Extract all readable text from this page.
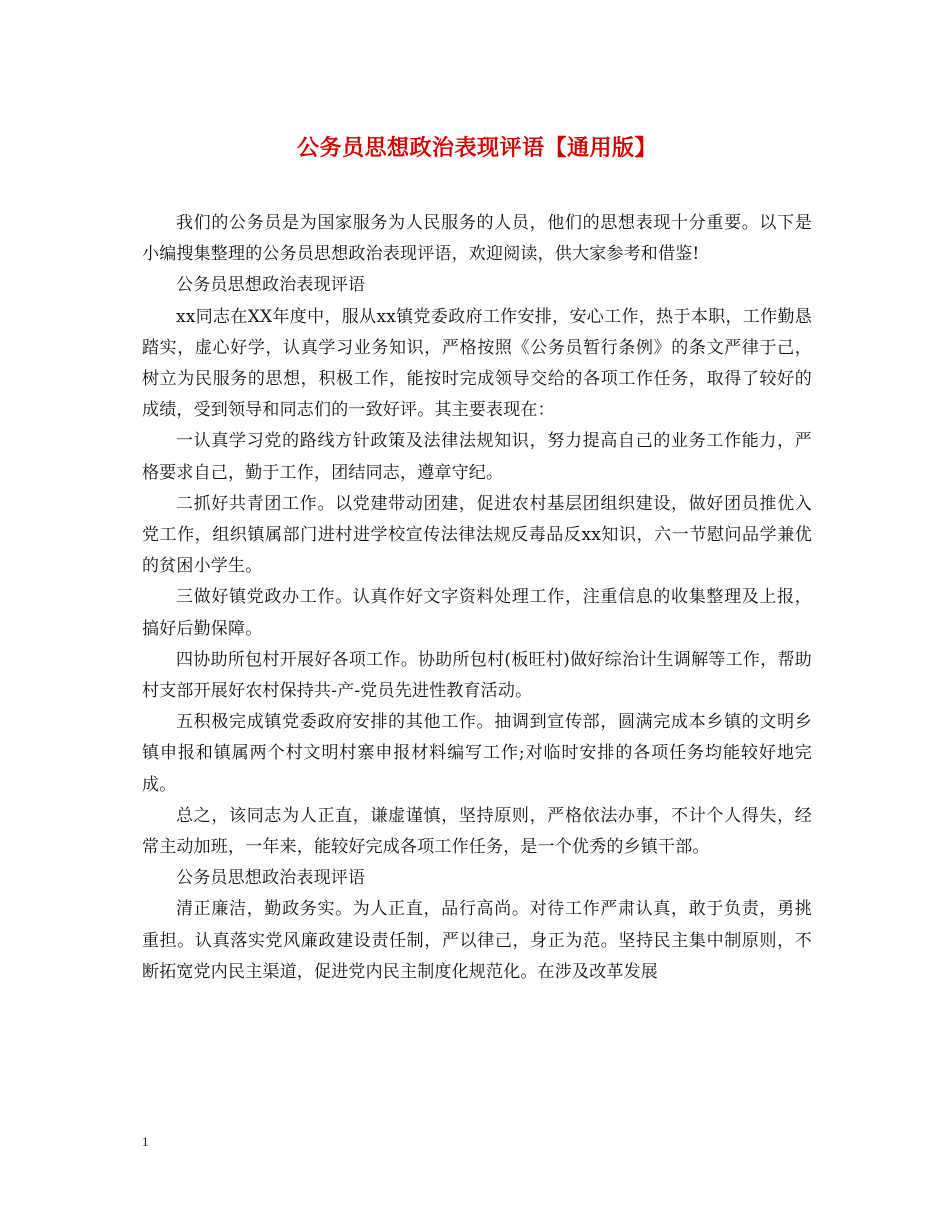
公务员思想政治表现评语【通用版】

我们的公务员是为国家服务为人民服务的人员，他们的思想表现十分重要。以下是小编搜集整理的公务员思想政治表现评语，欢迎阅读，供大家参考和借鉴!

公务员思想政治表现评语

xx同志在XX年度中，服从xx镇党委政府工作安排，安心工作，热于本职，工作勤恳踏实，虚心好学，认真学习业务知识，严格按照《公务员暂行条例》的条文严律于己，树立为民服务的思想，积极工作，能按时完成领导交给的各项工作任务，取得了较好的成绩，受到领导和同志们的一致好评。其主要表现在：

一认真学习党的路线方针政策及法律法规知识，努力提高自己的业务工作能力，严格要求自己，勤于工作，团结同志，遵章守纪。

二抓好共青团工作。以党建带动团建，促进农村基层团组织建设，做好团员推优入党工作，组织镇属部门进村进学校宣传法律法规反毒品反xx知识，六一节慰问品学兼优的贫困小学生。

三做好镇党政办工作。认真作好文字资料处理工作，注重信息的收集整理及上报，搞好后勤保障。

四协助所包村开展好各项工作。协助所包村(板旺村)做好综治计生调解等工作，帮助村支部开展好农村保持共-产-党员先进性教育活动。

五积极完成镇党委政府安排的其他工作。抽调到宣传部，圆满完成本乡镇的文明乡镇申报和镇属两个村文明村寨申报材料编写工作;对临时安排的各项任务均能较好地完成。

总之，该同志为人正直，谦虚谨慎，坚持原则，严格依法办事，不计个人得失，经常主动加班，一年来，能较好完成各项工作任务，是一个优秀的乡镇干部。

公务员思想政治表现评语

清正廉洁，勤政务实。为人正直，品行高尚。对待工作严肃认真，敢于负责，勇挑重担。认真落实党风廉政建设责任制，严以律己，身正为范。坚持民主集中制原则，不断拓宽党内民主渠道，促进党内民主制度化规范化。在涉及改革发展

1
